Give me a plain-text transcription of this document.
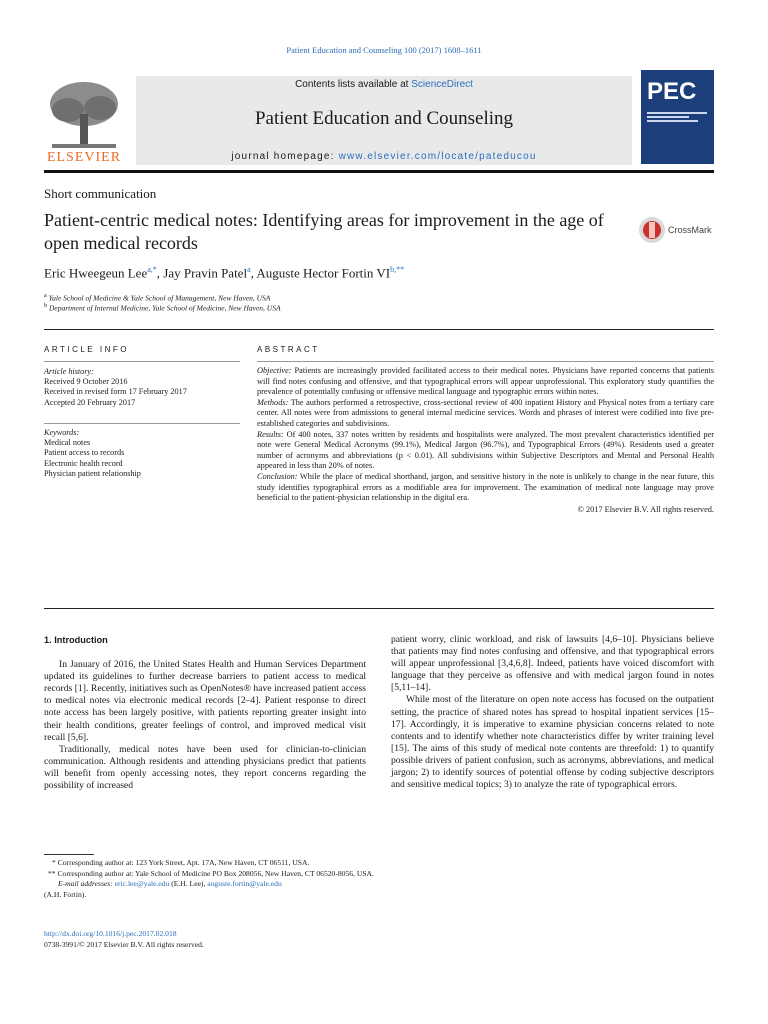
Patient Education and Counseling 100 (2017) 1608–1611
ELSEVIER
Contents lists available at ScienceDirect
Patient Education and Counseling
journal homepage: www.elsevier.com/locate/pateducou
PEC
Short communication
Patient-centric medical notes: Identifying areas for improvement in the age of open medical records
CrossMark
Eric Hweegeun Lee$^{a,*}$, Jay Pravin Patel$^a$, Auguste Hector Fortin $VI^{b,**}$
$^a$ Yale School of Medicine & Yale School of Management, New Haven, USA
$^b$ Department of Internal Medicine, Yale School of Medicine, New Haven, USA
ARTICLE INFO	ABSTRACT
Article history:
Received 9 October 2016
Received in revised form 17 February 2017
Accepted 20 February 2017
Keywords:
Medical notes
Patient access to records
Electronic health record
Physician patient relationship

Objective: Patients are increasingly provided facilitated access to their medical notes. Physicians have reported concerns that patients will find notes confusing and offensive, and that typographical errors will appear unprofessional. This exploratory study quantifies the prevalence of potentially confusing or offensive medical language and typographic errors within notes.

Methods: The authors performed a retrospective, cross-sectional review of 400 inpatient History and Physical notes from a tertiary care center. All notes were from admissions to general internal medicine services. Words and phrases of interest were codified into five pre-established categories and subdivisions.

Results: Of 400 notes, 337 notes written by residents and hospitalists were analyzed. The most prevalent characteristics identified per note were General Medical Acronyms (99.1%), Medical Jargon (96.7%), and Typographical Errors (49%). Residents used a greater number of acronyms and abbreviations (p < 0.01). All subdivisions within Subjective Descriptors and Mental and Personal Health appeared in less than 20% of notes.

Conclusion: While the place of medical shorthand, jargon, and sensitive history in the note is unlikely to change in the near future, this study identifies typographical errors as a modifiable area for improvement. The examination of medical note language may prove beneficial to the patient-physician relationship in the digital era.

© 2017 Elsevier B.V. All rights reserved.

1. Introduction

In January of 2016, the United States Health and Human Services Department updated its guidelines to further decrease barriers to patient access to medical records [1]. Recently, initiatives such as OpenNotes® have increased patient access to medical notes via electronic medical records [2–4]. Patient response to direct note access has been largely positive, with patients reporting greater insight into their health conditions, greater feelings of control, and improved medical visit recall [5,6].

Traditionally, medical notes have been used for clinician-to-clinician communication. Although residents and attending physicians predict that patients will benefit from openly accessing notes, they report concerns regarding the possibility of increased

patient worry, clinic workload, and risk of lawsuits [4,6–10]. Physicians believe that patients may find notes confusing and offensive, and that typographical errors will appear unprofessional [3,4,6,8]. Indeed, patients have voiced discomfort with language that they perceive as offensive and with medical jargon found in notes [5,11–14].

While most of the literature on open note access has focused on the outpatient setting, the practice of shared notes has spread to hospital inpatient services [15–17]. Accordingly, it is imperative to examine physician concerns related to note contents and to identify whether note characteristics differ by writer training level [15]. The aims of this study of medical note contents are threefold: 1) to quantify possible drivers of patient confusion, such as acronyms, abbreviations, and medical jargon; 2) to identify sources of potential offense by coding subjective descriptors and sensitive medical topics; 3) to analyze the rate of typographical errors.

* Corresponding author at: 123 York Street, Apt. 17A, New Haven, CT 06511, USA.

** Corresponding author at: Yale School of Medicine PO Box 208056, New Haven, CT 06520-8056, USA.

E-mail addresses: eric.lee@yale.edu (E.H. Lee), auguste.fortin@yale.edu

(A.H. Fortin).

http://dx.doi.org/10.1016/j.pec.2017.02.018
0738-3991/© 2017 Elsevier B.V. All rights reserved.
